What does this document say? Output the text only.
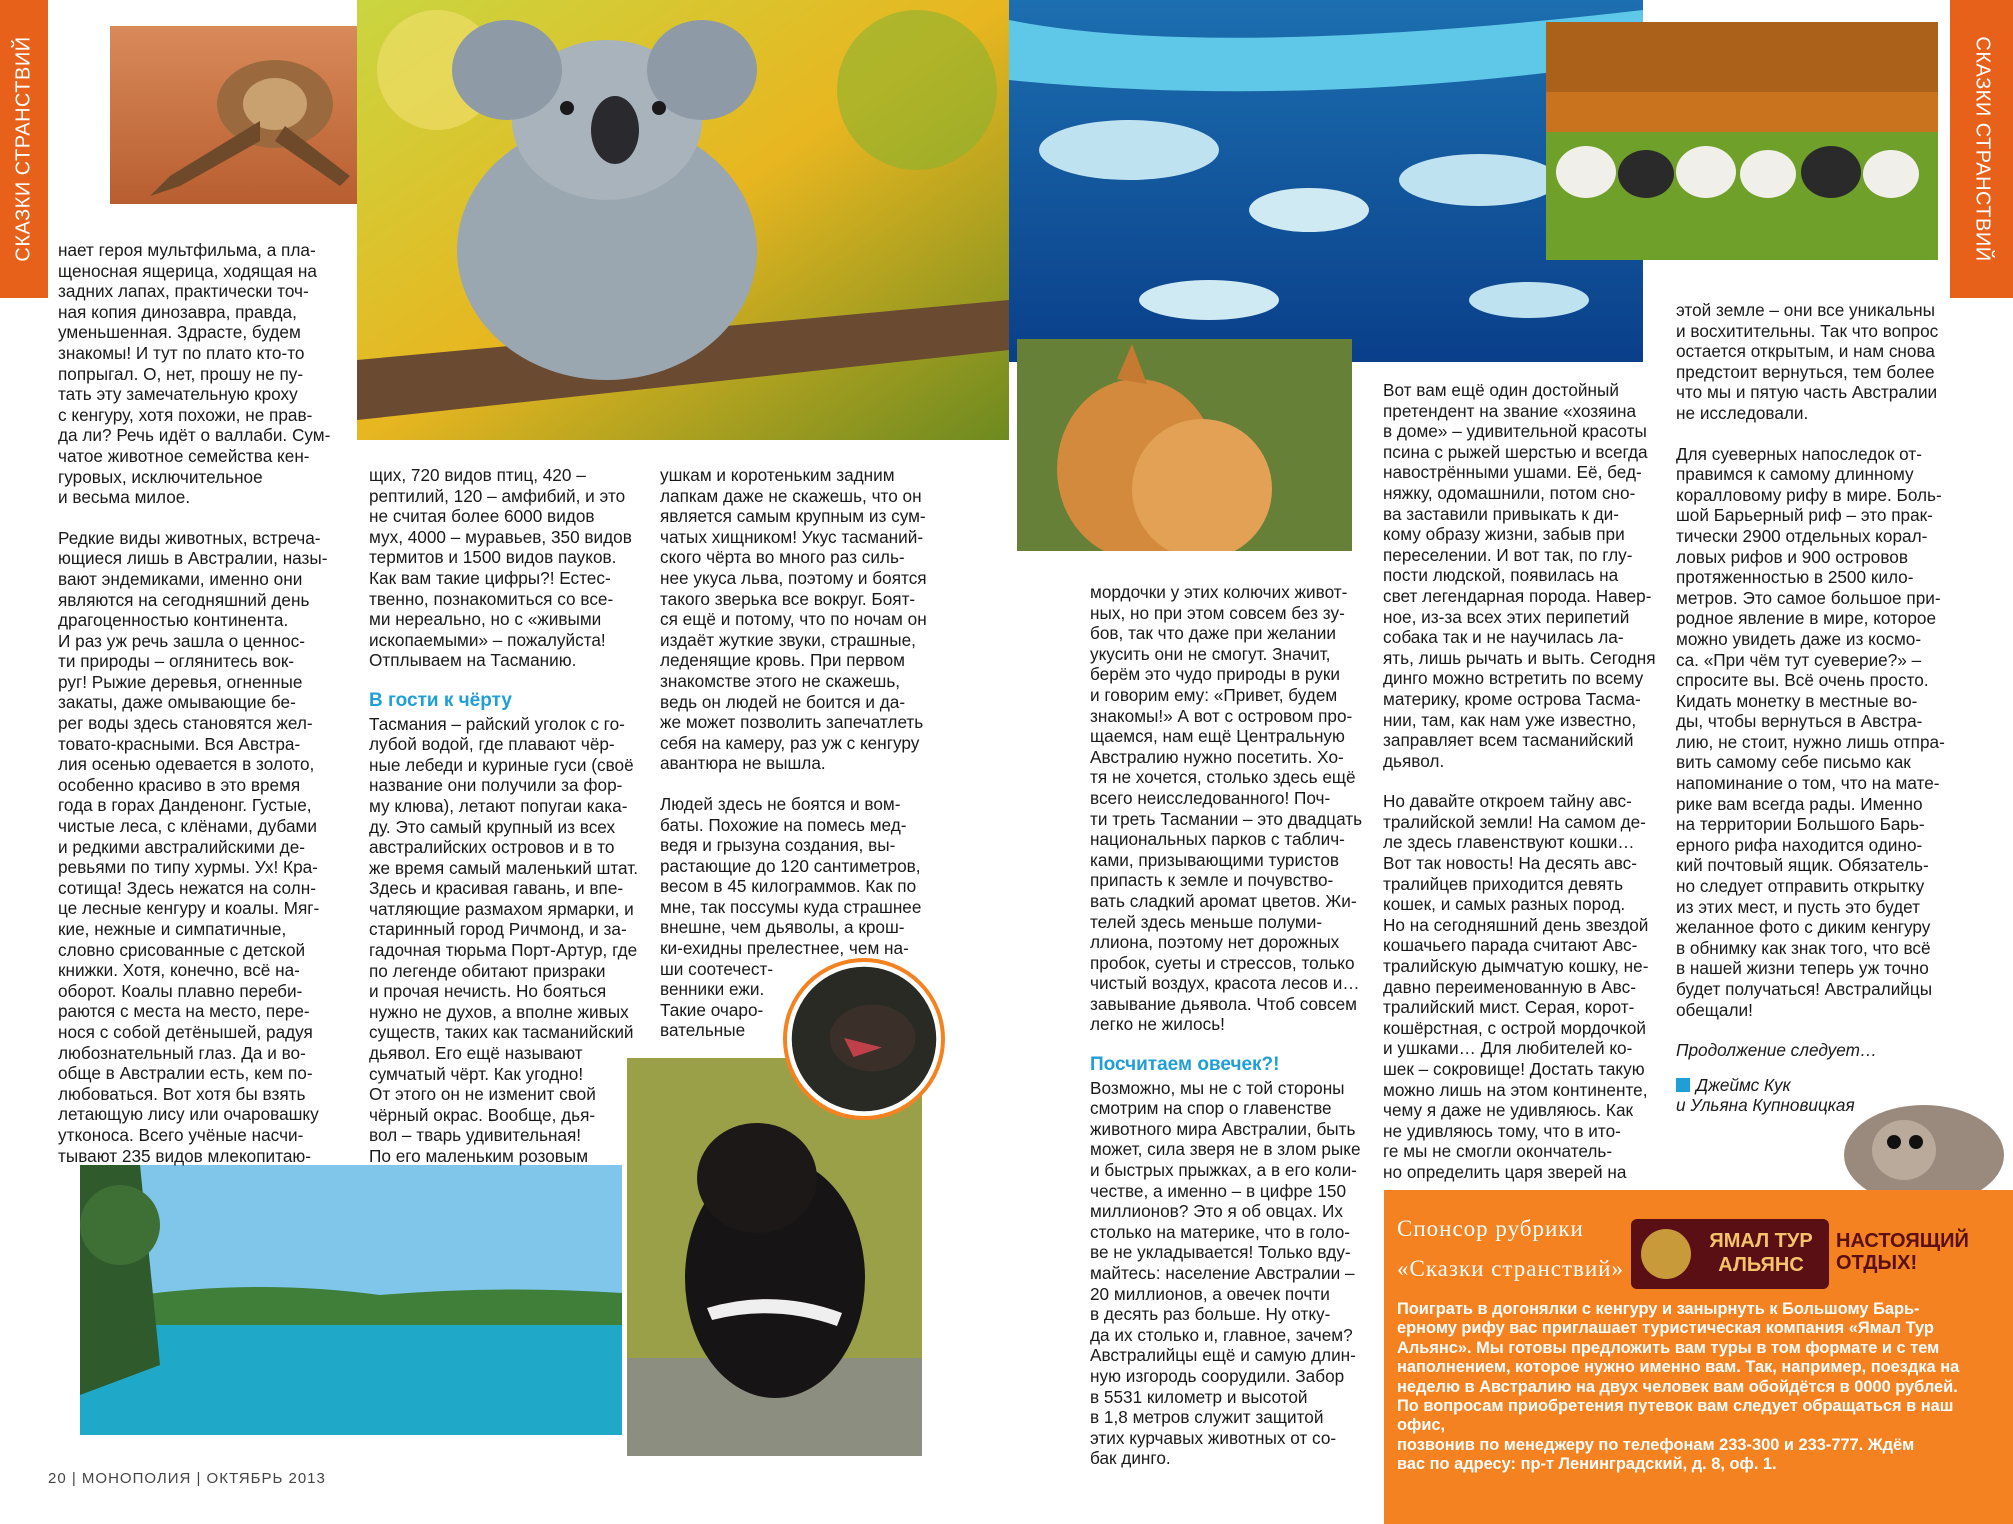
СКАЗКИ СТРАНСТВИЙ	СКАЗКИ СТРАНСТВИЙ

нает героя мультфильма, а пла-
щеносная ящерица, ходящая на
задних лапах, практически точ-
ная копия динозавра, правда,
уменьшенная. Здрасте, будем
знакомы! И тут по плато кто-то
попрыгал. О, нет, прошу не пу-
тать эту замечательную кроху
с кенгуру, хотя похожи, не прав-
да ли? Речь идёт о валлаби. Сум-
чатое животное семейства кен-
гуровых, исключительное
и весьма милое.

Редкие виды животных, встреча-
ющиеся лишь в Австралии, назы-
вают эндемиками, именно они
являются на сегодняшний день
драгоценностью континента.
И раз уж речь зашла о ценнос-
ти природы – оглянитесь вок-
руг! Рыжие деревья, огненные
закаты, даже омывающие бе-
рег воды здесь становятся жел-
товато-красными. Вся Австра-
лия осенью одевается в золото,
особенно красиво в это время
года в горах Данденонг. Густые,
чистые леса, с клёнами, дубами
и редкими австралийскими де-
ревьями по типу хурмы. Ух! Кра-
сотища! Здесь нежатся на солн-
це лесные кенгуру и коалы. Мяг-
кие, нежные и симпатичные,
словно срисованные с детской
книжки. Хотя, конечно, всё на-
оборот. Коалы плавно переби-
раются с места на место, пере-
нося с собой детёнышей, радуя
любознательный глаз. Да и во-
обще в Австралии есть, кем по-
любоваться. Вот хотя бы взять
летающую лису или очаровашку
утконоса. Всего учёные насчи-
тывают 235 видов млекопитаю-

щих, 720 видов птиц, 420 –
рептилий, 120 – амфибий, и это
не считая более 6000 видов
мух, 4000 – муравьев, 350 видов
термитов и 1500 видов пауков.
Как вам такие цифры?! Естес-
твенно, познакомиться со все-
ми нереально, но с «живыми
ископаемыми» – пожалуйста!
Отплываем на Тасманию.

В гости к чёрту

Тасмания – райский уголок с го-
лубой водой, где плавают чёр-
ные лебеди и куриные гуси (своё
название они получили за фор-
му клюва), летают попугаи кака-
ду. Это самый крупный из всех
австралийских островов и в то
же время самый маленький штат.
Здесь и красивая гавань, и впе-
чатляющие размахом ярмарки, и
старинный город Ричмонд, и за-
гадочная тюрьма Порт-Артур, где
по легенде обитают призраки
и прочая нечисть. Но бояться
нужно не духов, а вполне живых
существ, таких как тасманийский
дьявол. Его ещё называют
сумчатый чёрт. Как угодно!
От этого он не изменит свой
чёрный окрас. Вообще, дья-
вол – тварь удивительная!
По его маленьким розовым

ушкам и коротеньким задним
лапкам даже не скажешь, что он
является самым крупным из сум-
чатых хищником! Укус тасманий-
ского чёрта во много раз силь-
нее укуса льва, поэтому и боятся
такого зверька все вокруг. Боят-
ся ещё и потому, что по ночам он
издаёт жуткие звуки, страшные,
леденящие кровь. При первом
знакомстве этого не скажешь,
ведь он людей не боится и да-
же может позволить запечатлеть
себя на камеру, раз уж с кенгуру
авантюра не вышла.

Людей здесь не боятся и вом-
баты. Похожие на помесь мед-
ведя и грызуна создания, вы-
растающие до 120 сантиметров,
весом в 45 килограммов. Как по
мне, так поссумы куда страшнее
внешне, чем дьяволы, а крош-
ки-ехидны прелестнее, чем на-
ши соотечест-
венники ежи.
Такие очаро-
вательные

мордочки у этих колючих живот-
ных, но при этом совсем без зу-
бов, так что даже при желании
укусить они не смогут. Значит,
берём это чудо природы в руки
и говорим ему: «Привет, будем
знакомы!» А вот с островом про-
щаемся, нам ещё Центральную
Австралию нужно посетить. Хо-
тя не хочется, столько здесь ещё
всего неисследованного! Поч-
ти треть Тасмании – это двадцать
национальных парков с таблич-
ками, призывающими туристов
припасть к земле и почувство-
вать сладкий аромат цветов. Жи-
телей здесь меньше полуми-
ллиона, поэтому нет дорожных
пробок, суеты и стрессов, только
чистый воздух, красота лесов и…
завывание дьявола. Чтоб совсем
легко не жилось!

Посчитаем овечек?!

Возможно, мы не с той стороны
смотрим на спор о главенстве
животного мира Австралии, быть
может, сила зверя не в злом рыке
и быстрых прыжках, а в его коли-
честве, а именно – в цифре 150
миллионов? Это я об овцах. Их
столько на материке, что в голо-
ве не укладывается! Только вду-
майтесь: население Австралии –
20 миллионов, а овечек почти
в десять раз больше. Ну отку-
да их столько и, главное, зачем?
Австралийцы ещё и самую длин-
ную изгородь соорудили. Забор
в 5531 километр и высотой
в 1,8 метров служит защитой
этих курчавых животных от со-
бак динго.

Вот вам ещё один достойный
претендент на звание «хозяина
в доме» – удивительной красоты
псина с рыжей шерстью и всегда
навострёнными ушами. Её, бед-
няжку, одомашнили, потом сно-
ва заставили привыкать к ди-
кому образу жизни, забыв при
переселении. И вот так, по глу-
пости людской, появилась на
свет легендарная порода. Навер-
ное, из-за всех этих перипетий
собака так и не научилась ла-
ять, лишь рычать и выть. Сегодня
динго можно встретить по всему
материку, кроме острова Тасма-
нии, там, как нам уже известно,
заправляет всем тасманийский
дьявол.

Но давайте откроем тайну авс-
тралийской земли! На самом де-
ле здесь главенствуют кошки…
Вот так новость! На десять авс-
тралийцев приходится девять
кошек, и самых разных пород.
Но на сегодняшний день звездой
кошачьего парада считают Авс-
тралийскую дымчатую кошку, не-
давно переименованную в Авс-
тралийский мист. Серая, корот-
кошёрстная, с острой мордочкой
и ушками… Для любителей ко-
шек – сокровище! Достать такую
можно лишь на этом континенте,
чему я даже не удивляюсь. Как
не удивляюсь тому, что в ито-
ге мы не смогли окончатель-
но определить царя зверей на

этой земле – они все уникальны
и восхитительны. Так что вопрос
остается открытым, и нам снова
предстоит вернуться, тем более
что мы и пятую часть Австралии
не исследовали.

Для суеверных напоследок от-
правимся к самому длинному
коралловому рифу в мире. Боль-
шой Барьерный риф – это прак-
тически 2900 отдельных корал-
ловых рифов и 900 островов
протяженностью в 2500 кило-
метров. Это самое большое при-
родное явление в мире, которое
можно увидеть даже из космо-
са. «При чём тут суеверие?» –
спросите вы. Всё очень просто.
Кидать монетку в местные во-
ды, чтобы вернуться в Австра-
лию, не стоит, нужно лишь отпра-
вить самому себе письмо как
напоминание о том, что на мате-
рике вам всегда рады. Именно
на территории Большого Барь-
ерного рифа находится одино-
кий почтовый ящик. Обязатель-
но следует отправить открытку
из этих мест, и пусть это будет
желанное фото с диким кенгуру
в обнимку как знак того, что всё
в нашей жизни теперь уж точно
будет получаться! Австралийцы
обещали!

Продолжение следует…

Джеймс Кук
и Ульяна Купновицкая
Спонсор рубрики
«Сказки странствий»
ЯМАЛ ТУР
АЛЬЯНС
НАСТОЯЩИЙ
ОТДЫХ!
Поиграть в догонялки с кенгуру и занырнуть к Большому Барь-
ерному рифу вас приглашает туристическая компания «Ямал Тур
Альянс». Мы готовы предложить вам туры в том формате и с тем
наполнением, которое нужно именно вам. Так, например, поездка на
неделю в Австралию на двух человек вам обойдётся в 0000 рублей.
По вопросам приобретения путевок вам следует обращаться в наш офис,
позвонив по менеджеру по телефонам 233-300 и 233-777. Ждём
вас по адресу: пр-т Ленинградский, д. 8, оф. 1.
20 | МОНОПОЛИЯ | ОКТЯБРЬ 2013
